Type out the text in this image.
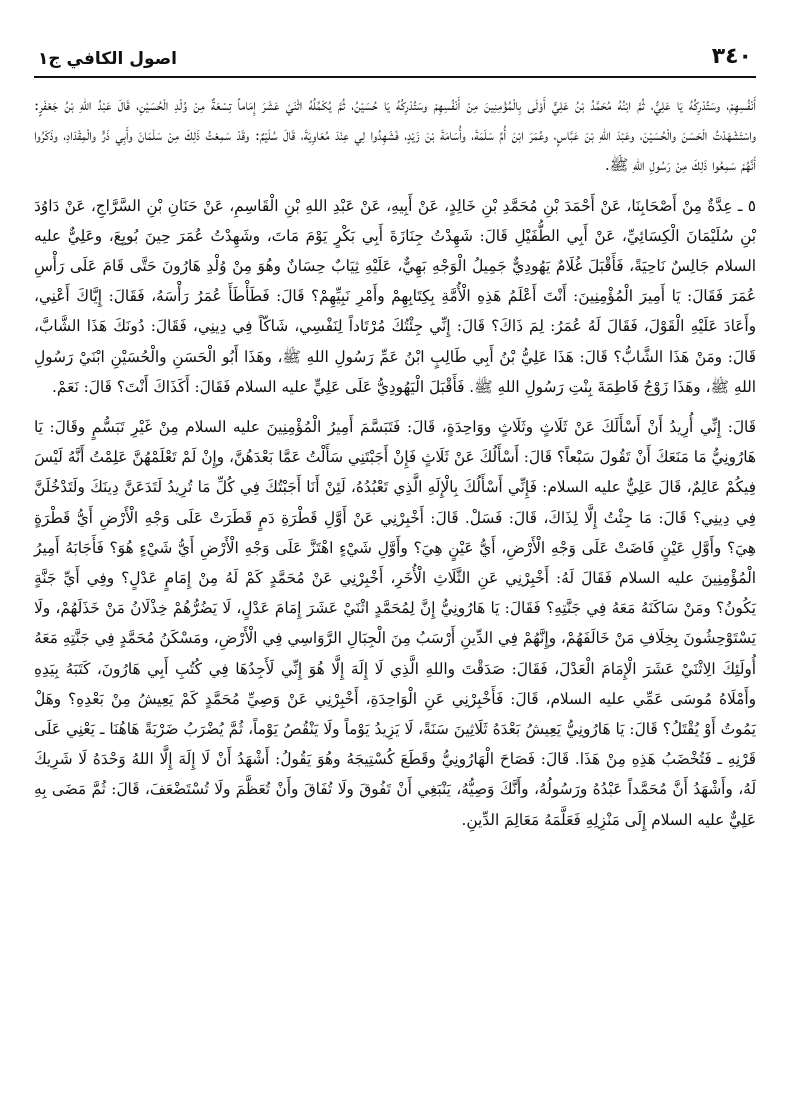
٣٤٠
اصول الكافي ج١

أَنْفُسِهِمْ، وسَتُدْرِكُهُ يَا عَلِيُّ، ثُمَّ ابْنُهُ مُحَمَّدُ بْنُ عَلِيٍّ أَوْلَى بِالْمُؤْمِنِينَ مِنْ أَنْفُسِهِمْ وسَتُدْرِكُهُ يَا حُسَيْنُ، ثُمَّ يُكَمِّلُهُ اثْنَيْ عَشَرَ إِمَاماً تِسْعَةٌ مِنْ وُلْدِ الْحُسَيْنِ، قَالَ عَبْدُ اللهِ بْنُ جَعْفَرٍ: واسْتَشْهَدْتُ الْحَسَنَ والْحُسَيْنَ، وعَبْدَ اللهِ بْنَ عَبَّاسٍ، وعُمَرَ ابْنَ أُمِّ سَلَمَةَ، وأُسَامَةَ بْنَ زَيْدٍ، فَشَهِدُوا لِي عِنْدَ مُعَاوِيَةَ، قَالَ سُلَيْمٌ: وقَدْ سَمِعْتُ ذَلِكَ مِنْ سَلْمَانَ وأَبِي ذَرٍّ والْمِقْدَادِ، وذَكَرُوا أَنَّهُمْ سَمِعُوا ذَلِكَ مِنْ رَسُولِ اللهِ ﷺ.

٥ ـ عِدَّةٌ مِنْ أَصْحَابِنَا، عَنْ أَحْمَدَ بْنِ مُحَمَّدِ بْنِ خَالِدٍ، عَنْ أَبِيهِ، عَنْ عَبْدِ اللهِ بْنِ الْقَاسِمِ، عَنْ حَنَانِ بْنِ السَّرَّاجِ، عَنْ دَاوُدَ بْنِ سُلَيْمَانَ الْكِسَائِيِّ، عَنْ أَبِي الطُّفَيْلِ قَالَ: شَهِدْتُ جِنَازَةَ أَبِي بَكْرٍ يَوْمَ مَاتَ، وشَهِدْتُ عُمَرَ حِينَ بُويِعَ، وعَلِيٌّ عليه السلام جَالِسٌ نَاحِيَةً، فَأَقْبَلَ غُلَامٌ يَهُودِيٌّ جَمِيلُ الْوَجْهِ بَهِيٌّ، عَلَيْهِ ثِيَابٌ حِسَانٌ وهُوَ مِنْ وُلْدِ هَارُونَ حَتَّى قَامَ عَلَى رَأْسِ عُمَرَ فَقَالَ: يَا أَمِيرَ الْمُؤْمِنِينَ: أَنْتَ أَعْلَمُ هَذِهِ الْأُمَّةِ بِكِتَابِهِمْ وأَمْرِ نَبِيِّهِمْ؟ قَالَ: فَطَأْطَأَ عُمَرُ رَأْسَهُ، فَقَالَ: إِيَّاكَ أَعْنِي، وأَعَادَ عَلَيْهِ الْقَوْلَ، فَقَالَ لَهُ عُمَرُ: لِمَ ذَاكَ؟ قَالَ: إِنِّي جِئْتُكَ مُرْتَاداً لِنَفْسِي، شَاكّاً فِي دِينِي، فَقَالَ: دُونَكَ هَذَا الشَّابَّ، قَالَ: ومَنْ هَذَا الشَّابُّ؟ قَالَ: هَذَا عَلِيُّ بْنُ أَبِي طَالِبٍ ابْنُ عَمِّ رَسُولِ اللهِ ﷺ، وهَذَا أَبُو الْحَسَنِ والْحُسَيْنِ ابْنَيْ رَسُولِ اللهِ ﷺ، وهَذَا زَوْجُ فَاطِمَةَ بِنْتِ رَسُولِ اللهِ ﷺ. فَأَقْبَلَ الْيَهُودِيُّ عَلَى عَلِيٍّ عليه السلام فَقَالَ: أَكَذَاكَ أَنْتَ؟ قَالَ: نَعَمْ.

قَالَ: إِنِّي أُرِيدُ أَنْ أَسْأَلَكَ عَنْ ثَلَاثٍ وثَلَاثٍ ووَاحِدَةٍ، قَالَ: فَتَبَسَّمَ أَمِيرُ الْمُؤْمِنِينَ عليه السلام مِنْ غَيْرِ تَبَسُّمٍ وقَالَ: يَا هَارُونِيُّ مَا مَنَعَكَ أَنْ تَقُولَ سَبْعاً؟ قَالَ: أَسْأَلُكَ عَنْ ثَلَاثٍ فَإِنْ أَجَبْتَنِي سَأَلْتُ عَمَّا بَعْدَهُنَّ، وإِنْ لَمْ تَعْلَمْهُنَّ عَلِمْتُ أَنَّهُ لَيْسَ فِيكُمْ عَالِمٌ، قَالَ عَلِيٌّ عليه السلام: فَإِنِّي أَسْأَلُكَ بِالْإِلَهِ الَّذِي تَعْبُدُهُ، لَئِنْ أَنَا أَجَبْتُكَ فِي كُلِّ مَا تُرِيدُ لَتَدَعَنَّ دِينَكَ ولَتَدْخُلَنَّ فِي دِينِي؟ قَالَ: مَا جِئْتُ إِلَّا لِذَاكَ، قَالَ: فَسَلْ. قَالَ: أَخْبِرْنِي عَنْ أَوَّلِ قَطْرَةِ دَمٍ قَطَرَتْ عَلَى وَجْهِ الْأَرْضِ أَيُّ قَطْرَةٍ هِيَ؟ وأَوَّلِ عَيْنٍ فَاضَتْ عَلَى وَجْهِ الْأَرْضِ، أَيُّ عَيْنٍ هِيَ؟ وأَوَّلِ شَيْءٍ اهْتَزَّ عَلَى وَجْهِ الْأَرْضِ أَيُّ شَيْءٍ هُوَ؟ فَأَجَابَهُ أَمِيرُ الْمُؤْمِنِينَ عليه السلام فَقَالَ لَهُ: أَخْبِرْنِي عَنِ الثَّلَاثِ الْأُخَرِ، أَخْبِرْنِي عَنْ مُحَمَّدٍ كَمْ لَهُ مِنْ إِمَامٍ عَدْلٍ؟ وفِي أَيِّ جَنَّةٍ يَكُونُ؟ ومَنْ سَاكَنَهُ مَعَهُ فِي جَنَّتِهِ؟ فَقَالَ: يَا هَارُونِيُّ إِنَّ لِمُحَمَّدٍ اثْنَيْ عَشَرَ إِمَامَ عَدْلٍ، لَا يَضُرُّهُمْ خِذْلَانُ مَنْ خَذَلَهُمْ، ولَا يَسْتَوْحِشُونَ بِخِلَافِ مَنْ خَالَفَهُمْ، وإِنَّهُمْ فِي الدِّينِ أَرْسَبُ مِنَ الْجِبَالِ الرَّوَاسِي فِي الْأَرْضِ، ومَسْكَنُ مُحَمَّدٍ فِي جَنَّتِهِ مَعَهُ أُولَئِكَ الِاثْنَيْ عَشَرَ الْإِمَامَ الْعَدْلَ، فَقَالَ: صَدَقْتَ واللهِ الَّذِي لَا إِلَهَ إِلَّا هُوَ إِنِّي لَأَجِدُهَا فِي كُتُبِ أَبِي هَارُونَ، كَتَبَهُ بِيَدِهِ وأَمْلَاهُ مُوسَى عَمِّي عليه السلام، قَالَ: فَأَخْبِرْنِي عَنِ الْوَاحِدَةِ، أَخْبِرْنِي عَنْ وَصِيِّ مُحَمَّدٍ كَمْ يَعِيشُ مِنْ بَعْدِهِ؟ وهَلْ يَمُوتُ أَوْ يُقْتَلُ؟ قَالَ: يَا هَارُونِيُّ يَعِيشُ بَعْدَهُ ثَلَاثِينَ سَنَةً، لَا يَزِيدُ يَوْماً ولَا يَنْقُصُ يَوْماً، ثُمَّ يُضْرَبُ ضَرْبَةً هَاهُنَا ـ يَعْنِي عَلَى قَرْنِهِ ـ فَتُخْضَبُ هَذِهِ مِنْ هَذَا. قَالَ: فَصَاحَ الْهَارُونِيُّ وقَطَعَ كُسْتِيجَهُ وهُوَ يَقُولُ: أَشْهَدُ أَنْ لَا إِلَهَ إِلَّا اللهُ وَحْدَهُ لَا شَرِيكَ لَهُ، وأَشْهَدُ أَنَّ مُحَمَّداً عَبْدُهُ ورَسُولُهُ، وأَنَّكَ وَصِيُّهُ، يَنْبَغِي أَنْ تَفُوقَ ولَا تُفَاقَ وأَنْ تُعَظَّمَ ولَا تُسْتَضْعَفَ، قَالَ: ثُمَّ مَضَى بِهِ عَلِيٌّ عليه السلام إِلَى مَنْزِلِهِ فَعَلَّمَهُ مَعَالِمَ الدِّينِ.
